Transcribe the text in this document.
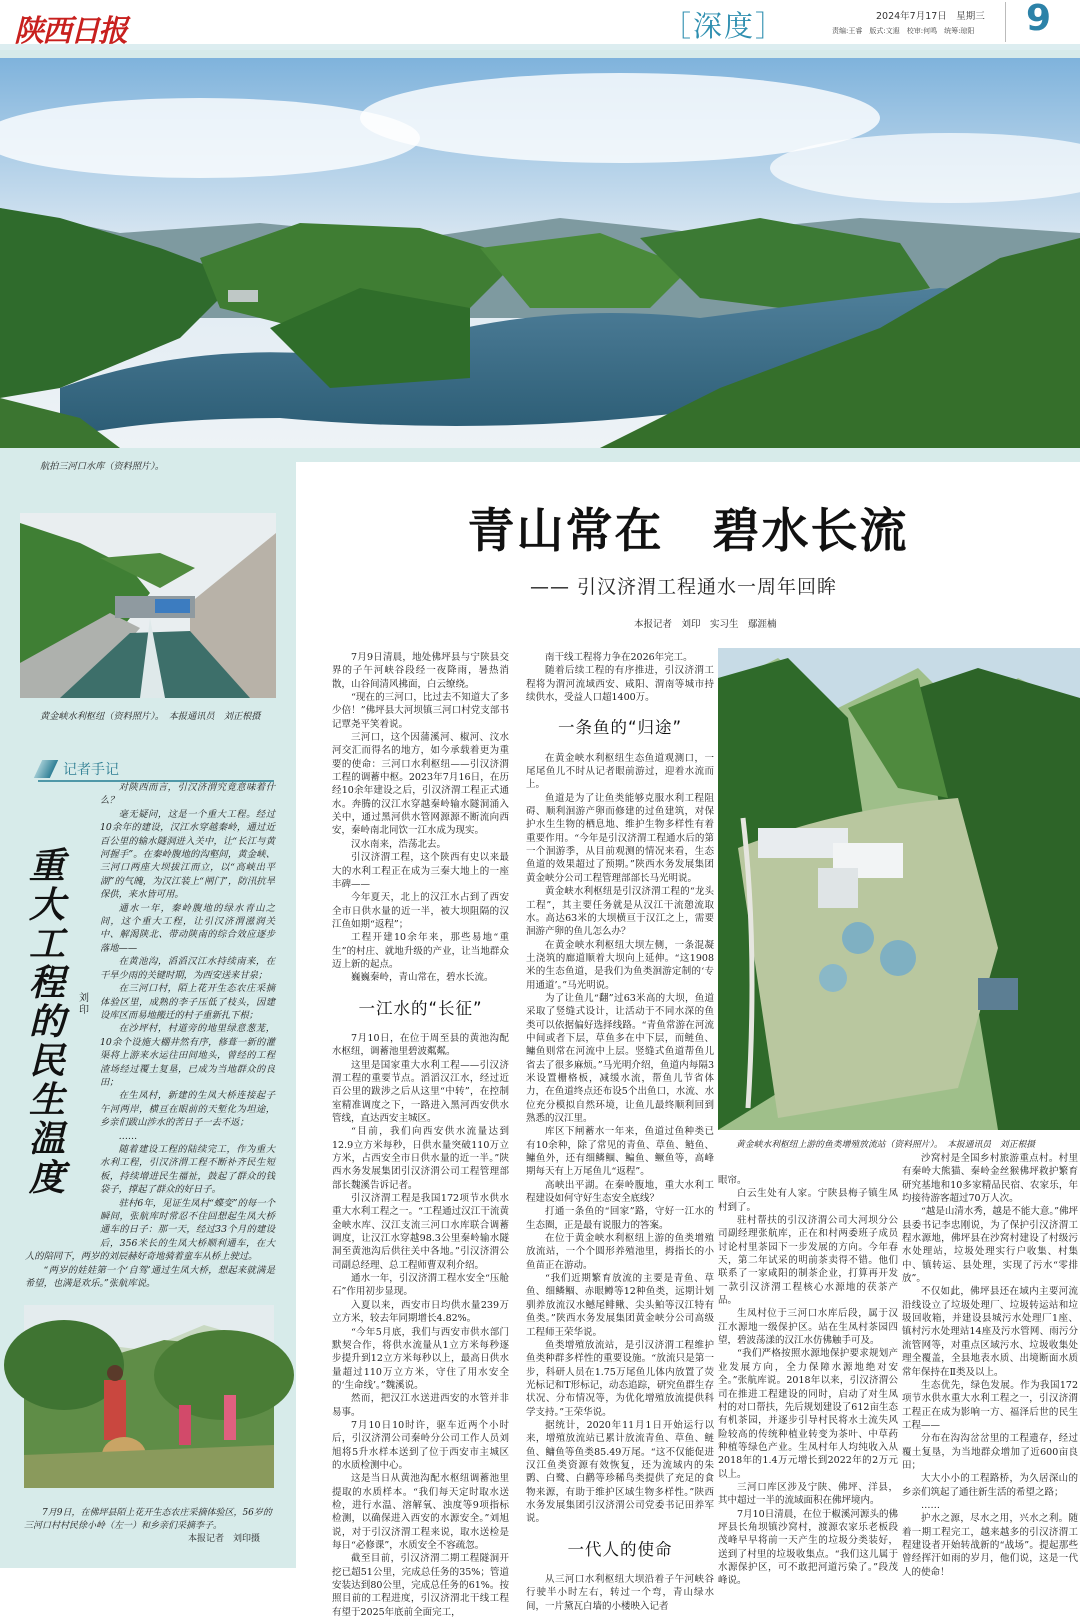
陕西日报	［深度］	2024年7月17日　星期三
责编:王睿　版式:文遐　校审:何鸣　统筹:琼阳 9
航拍三河口水库（资料照片）。
青山常在　碧水长流
—— 引汉济渭工程通水一周年回眸
本报记者　刘印　实习生　鄢涯楠

7月9日清晨，地处佛坪县与宁陕县交界的子午河峡谷段经一夜降雨，暑热消散，山谷间清风拂面，白云缭绕。

“现在的三河口，比过去不知道大了多少倍！”佛坪县大河坝镇三河口村党支部书记覃尧平笑着说。

三河口，这个因蒲溪河、椒河、汶水河交汇而得名的地方，如今承载着更为重要的使命：三河口水利枢纽——引汉济渭工程的调蓄中枢。2023年7月16日，在历经10余年建设之后，引汉济渭工程正式通水。奔腾的汉江水穿越秦岭输水隧洞涌入关中，通过黑河供水管网源源不断流向西安，秦岭南北同饮一江水成为现实。

汉水南来，浩荡北去。

引汉济渭工程，这个陕西有史以来最大的水利工程正在成为三秦大地上的一座丰碑——

今年夏天，北上的汉江水占到了西安全市日供水量的近一半，被大坝阻隔的汉江鱼如期“返程”；

工程开建10余年来，那些易地“重生”的村庄、就地升级的产业，让当地群众迈上新的起点。

巍巍秦岭，青山常在，碧水长流。

一江水的“长征”

7月10日，在位于周至县的黄池沟配水枢纽，调蓄池里碧波粼粼。

这里是国家重大水利工程——引汉济渭工程的重要节点。滔滔汉江水，经过近百公里的跋涉之后从这里“中转”，在控制室精准调度之下，一路进入黑河西安供水管线，直达西安主城区。

“目前，我们向西安供水流量达到12.9立方米每秒，日供水量突破110万立方米，占西安全市日供水量的近一半。”陕西水务发展集团引汉济渭公司工程管理部部长魏溪告诉记者。

引汉济渭工程是我国172项节水供水重大水利工程之一。“工程通过汉江干流黄金峡水库、汉江支流三河口水库联合调蓄调度，让汉江水穿越98.3公里秦岭输水隧洞至黄池沟后供往关中各地。”引汉济渭公司副总经理、总工程师曹双利介绍。

通水一年，引汉济渭工程水安全“压舱石”作用初步显现。

入夏以来，西安市日均供水量239万立方米，较去年同期增长4.82%。

“今年5月底，我们与西安市供水部门默契合作，将供水流量从1立方米每秒逐步提升到12立方米每秒以上，最高日供水量超过110万立方米，守住了用水安全的‘生命线’。”魏溪说。

然而，把汉江水送进西安的水管并非易事。

7月10日10时许，驱车近两个小时后，引汉济渭公司秦岭分公司工作人员刘旭将5升水样本送到了位于西安市主城区的水质检测中心。

这是当日从黄池沟配水枢纽调蓄池里提取的水质样本。“我们每天定时取水送检，进行水温、溶解氧、浊度等9项指标检测，以确保进入西安的水源安全。”刘旭说，对于引汉济渭工程来说，取水送检是每日“必修课”，水质安全不容疏忽。

截至目前，引汉济渭二期工程隧洞开挖已超51公里，完成总任务的35%；管道安装达到80公里，完成总任务的61%。按照目前的工程进度，引汉济渭北干线工程有望于2025年底前全面完工，

南干线工程将力争在2026年完工。

随着后续工程的有序推进，引汉济渭工程将为渭河流域西安、咸阳、渭南等城市持续供水，受益人口超1400万。

一条鱼的“归途”

在黄金峡水利枢纽生态鱼道观测口，一尾尾鱼儿不时从记者眼前游过，迎着水流而上。

鱼道是为了让鱼类能够克服水利工程阻碍、顺利洄游产卵而修建的过鱼建筑，对保护水生生物的栖息地、维护生物多样性有着重要作用。“今年是引汉济渭工程通水后的第一个洄游季，从目前观测的情况来看，生态鱼道的效果超过了预期。”陕西水务发展集团黄金峡分公司工程管理部部长马光明说。

黄金峡水利枢纽是引汉济渭工程的“龙头工程”，其主要任务就是从汉江干流憩流取水。高达63米的大坝横亘于汉江之上，需要洄游产卵的鱼儿怎么办？

在黄金峡水利枢纽大坝左侧，一条混凝土浇筑的廊道顺着大坝向上延伸。“这1908米的生态鱼道，是我们为鱼类洄游定制的‘专用通道’。”马光明说。

为了让鱼儿“翻”过63米高的大坝，鱼道采取了竖缝式设计，让活动于不同水深的鱼类可以依据偏好选择线路。“青鱼常游在河流中间或者下层，草鱼多在中下层，而鲢鱼、鳙鱼则常在河流中上层。竖缝式鱼道帮鱼儿省去了很多麻烦。”马光明介绍，鱼道内每隔3米设置栅格板，减缓水流，帮鱼儿节省体力，在鱼道终点还布设5个出鱼口，水流、水位充分模拟自然环境，让鱼儿最终顺利回到熟悉的汉江里。

库区下闸蓄水一年来，鱼道过鱼种类已有10余种，除了常见的青鱼、草鱼、鲢鱼、鳙鱼外，还有细鳞鲴、鳊鱼、鳜鱼等，高峰期每天有上万尾鱼儿“返程”。

高峡出平湖。在秦岭腹地，重大水利工程建设如何守好生态安全底线？

打通一条鱼的“回家”路，守好一江水的生态圈，正是最有说服力的答案。

在位于黄金峡水利枢纽上游的鱼类增殖放流站，一个个圆形养殖池里，拇指长的小鱼苗正在游动。

“我们近期繁育放流的主要是青鱼、草鱼、细鳞鲴、赤眼鳟等12种鱼类，远期计划驯养放流汉水鳡尾鲱鳅、尖头鲌等汉江特有鱼类。”陕西水务发展集团黄金峡分公司高级工程师王荣华说。

鱼类增殖放流站，是引汉济渭工程维护鱼类种群多样性的重要设施。“放流只是第一步，科研人员在1.75万尾鱼儿体内放置了荧光标记和T形标记，动态追踪，研究鱼群生存状况、分布情况等，为优化增殖放流提供科学支持。”王荣华说。

据统计，2020年11月1日开始运行以来，增殖放流站已累计放流青鱼、草鱼、鲢鱼、鳙鱼等鱼类85.49万尾。“这不仅能促进汉江鱼类资源有效恢复，还为流域内的朱鹮、白鹭、白鹳等珍稀鸟类提供了充足的食物来源，有助于维护区域生物多样性。”陕西水务发展集团引汉济渭公司党委书记田养军说。

一代人的使命

从三河口水利枢纽大坝沿着子午河峡谷行驶半小时左右，转过一个弯，青山绿水间，一片黛瓦白墙的小楼映入记者

黄金峡水利枢纽上游的鱼类增殖放流站（资料照片）。　本报通讯员　刘正根摄

眼帘。

白云生处有人家。宁陕县梅子镇生凤村到了。

驻村帮扶的引汉济渭公司大河坝分公司副经理张航库，正在和村两委班子成员讨论村里茶园下一步发展的方向。今年春天，第二年试采的明前茶卖得不错。他们联系了一家咸阳的制茶企业，打算再开发一款引汉济渭工程核心水源地的茯茶产品。

生凤村位于三河口水库后段，属于汉江水源地一级保护区。站在生凤村茶园四望，碧波荡漾的汉江水仿佛触手可及。

“我们严格按照水源地保护要求规划产业发展方向，全力保障水源地绝对安全。”张航库说。2018年以来，引汉济渭公司在推进工程建设的同时，启动了对生凤村的对口帮扶，先后规划建设了612亩生态有机茶园，并逐步引导村民将水土流失风险较高的传统种植业转变为茶叶、中草药种植等绿色产业。生凤村年人均纯收入从2018年的1.4万元增长到2022年的2万元以上。

三河口库区涉及宁陕、佛坪、洋县，其中超过一半的流域面积在佛坪境内。

7月10日清晨，在位于椒溪河源头的佛坪县长角坝镇沙窝村，渡源农家乐老板段茂峰早早将前一天产生的垃圾分类装好，送到了村里的垃圾收集点。“我们这儿属于水源保护区，可不敢把河道污染了。”段茂峰说。

沙窝村是全国乡村旅游重点村。村里有秦岭大熊猫、秦岭金丝猴佛坪救护繁育研究基地和10多家精品民宿、农家乐，年均接待游客超过70万人次。

“越是山清水秀，越是不能大意。”佛坪县委书记李忠刚说，为了保护引汉济渭工程水源地，佛坪县在沙窝村建设了村级污水处理站，垃圾处理实行户收集、村集中、镇转运、县处理，实现了污水“零排放”。

不仅如此，佛坪县还在域内主要河流沿线设立了垃圾处理厂、垃圾转运站和垃圾回收箱，并建设县城污水处理厂1座、镇村污水处理站14座及污水管网、雨污分流管网等，对重点区域污水、垃圾收集处理全覆盖，全县地表水质、出境断面水质常年保持在Ⅱ类及以上。

生态优先，绿色发展。作为我国172项节水供水重大水利工程之一，引汉济渭工程正在成为影响一方、福泽后世的民生工程——

分布在沟沟岔岔里的工程遗存，经过覆土复垦，为当地群众增加了近600亩良田；

大大小小的工程路桥，为久居深山的乡亲们筑起了通往新生活的希望之路；

……

护水之源，尽水之用，兴水之利。随着一期工程完工，越来越多的引汉济渭工程建设者开始转战新的“战场”。提起那些曾经挥汗如雨的岁月，他们说，这是一代人的使命！

黄金峡水利枢纽（资料照片）。　本报通讯员　刘正根摄
记者手记
重大工程的民生温度
刘印

对陕西而言，引汉济渭究竟意味着什么？

毫无疑问，这是一个重大工程。经过10余年的建设，汉江水穿越秦岭，通过近百公里的输水隧洞进入关中，让“长江与黄河握手”。在秦岭腹地的沟壑间，黄金峡、三河口两座大坝拔江而立，以“高峡出平湖”的气魄，为汉江装上“闸门”，防汛抗旱保供，来水皆可用。

通水一年，秦岭腹地的绿水青山之间，这个重大工程，让引汉济渭滋润关中、解渴陕北、带动陕南的综合效应逐步落地——

在黄池沟，滔滔汉江水持续南来，在干旱少雨的关键时期，为西安送来甘泉；

在三河口村，陌上花开生态农庄采摘体验区里，成熟的李子压低了枝头，因建设库区而易地搬迁的村子重新扎下根；

在沙坪村，村道旁的地里绿意葱茏，10余个设施大棚井然有序，修葺一新的灌渠将上游来水运往田间地头，曾经的工程渣场经过覆土复垦，已成为当地群众的良田；

在生凤村，新建的生凤大桥连接起子午河两岸，横亘在眼前的天堑化为坦途，乡亲们跋山涉水的苦日子一去不返；

……

随着建设工程的陆续完工，作为重大水利工程，引汉济渭工程不断补齐民生短板，持续增进民生福祉，鼓起了群众的钱袋子，撑起了群众的好日子。

驻村6年，见证生凤村“蝶变”的每一个瞬间，张航库时常忍不住回想起生凤大桥通车的日子：那一天，经过33个月的建设后，356米长的生凤大桥顺利通车，在大人的陪同下，两岁的刘辰赫好奇地骑着童车从桥上驶过。

“两岁的娃娃第一个‘自驾’通过生凤大桥，想起来就满是希望，也满是欢乐。”张航库说。

7月9日，在佛坪县陌上花开生态农庄采摘体验区，56岁的三河口村村民徐小岭（左一）和乡亲们采摘李子。
本报记者　刘印摄
